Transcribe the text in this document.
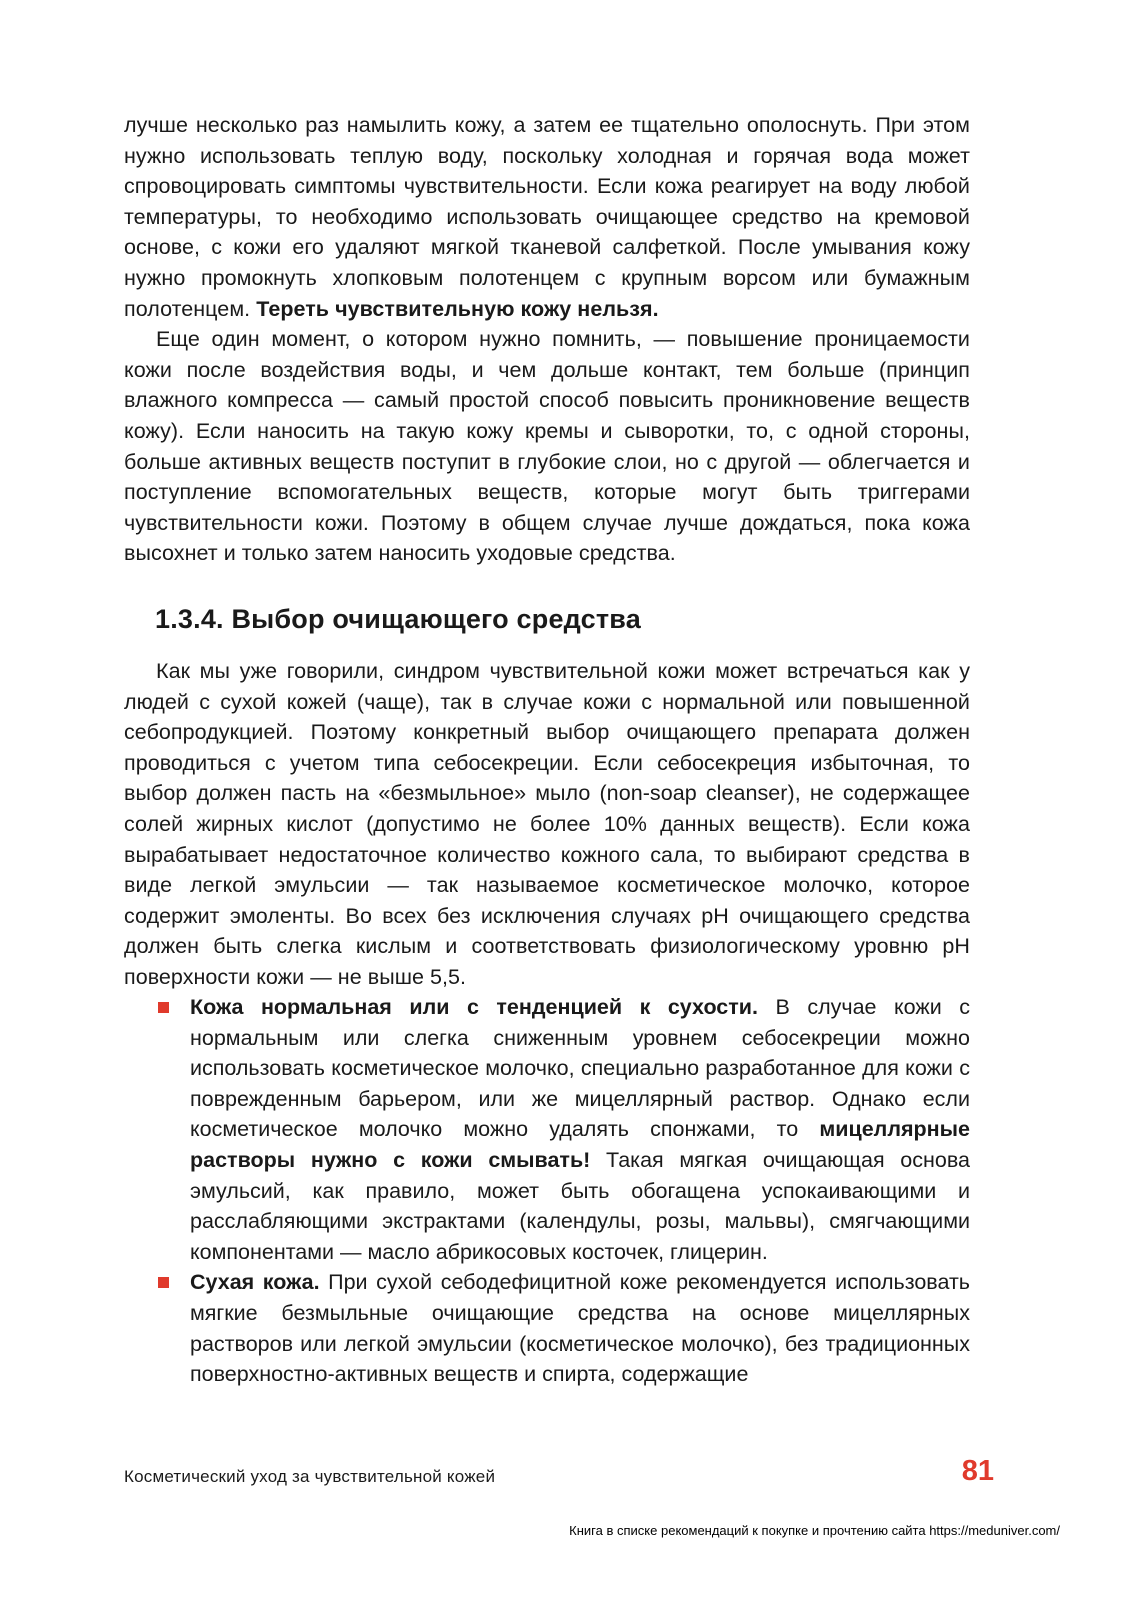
лучше несколько раз намылить кожу, а затем ее тщательно ополоснуть. При этом нужно использовать теплую воду, поскольку холодная и горячая вода может спровоцировать симптомы чувствительности. Если кожа реагирует на воду любой температуры, то необходимо использовать очищающее средство на кремовой основе, с кожи его удаляют мягкой тканевой салфеткой. После умывания кожу нужно промокнуть хлопковым полотенцем с крупным ворсом или бумажным полотенцем. Тереть чувствительную кожу нельзя.

Еще один момент, о котором нужно помнить, — повышение проницаемости кожи после воздействия воды, и чем дольше контакт, тем больше (принцип влажного компресса — самый простой способ повысить проникновение веществ кожу). Если наносить на такую кожу кремы и сыворотки, то, с одной стороны, больше активных веществ поступит в глубокие слои, но с другой — облегчается и поступление вспомогательных веществ, которые могут быть триггерами чувствительности кожи. Поэтому в общем случае лучше дождаться, пока кожа высохнет и только затем наносить уходовые средства.

1.3.4. Выбор очищающего средства

Как мы уже говорили, синдром чувствительной кожи может встречаться как у людей с сухой кожей (чаще), так в случае кожи с нормальной или повышенной себопродукцией. Поэтому конкретный выбор очищающего препарата должен проводиться с учетом типа себосекреции. Если себосекреция избыточная, то выбор должен пасть на «безмыльное» мыло (non-soap cleanser), не содержащее солей жирных кислот (допустимо не более 10% данных веществ). Если кожа вырабатывает недостаточное количество кожного сала, то выбирают средства в виде легкой эмульсии — так называемое косметическое молочко, которое содержит эмоленты. Во всех без исключения случаях pH очищающего средства должен быть слегка кислым и соответствовать физиологическому уровню pH поверхности кожи — не выше 5,5.

Кожа нормальная или с тенденцией к сухости. В случае кожи с нормальным или слегка сниженным уровнем себосекреции можно использовать косметическое молочко, специально разработанное для кожи с поврежденным барьером, или же мицеллярный раствор. Однако если косметическое молочко можно удалять спонжами, то мицеллярные растворы нужно с кожи смывать! Такая мягкая очищающая основа эмульсий, как правило, может быть обогащена успокаивающими и расслабляющими экстрактами (календулы, розы, мальвы), смягчающими компонентами — масло абрикосовых косточек, глицерин.
Сухая кожа. При сухой себодефицитной коже рекомендуется использовать мягкие безмыльные очищающие средства на основе мицеллярных растворов или легкой эмульсии (косметическое молочко), без традиционных поверхностно-активных веществ и спирта, содержащие
Косметический уход за чувствительной кожей	81
Книга в списке рекомендаций к покупке и прочтению сайта https://meduniver.com/
